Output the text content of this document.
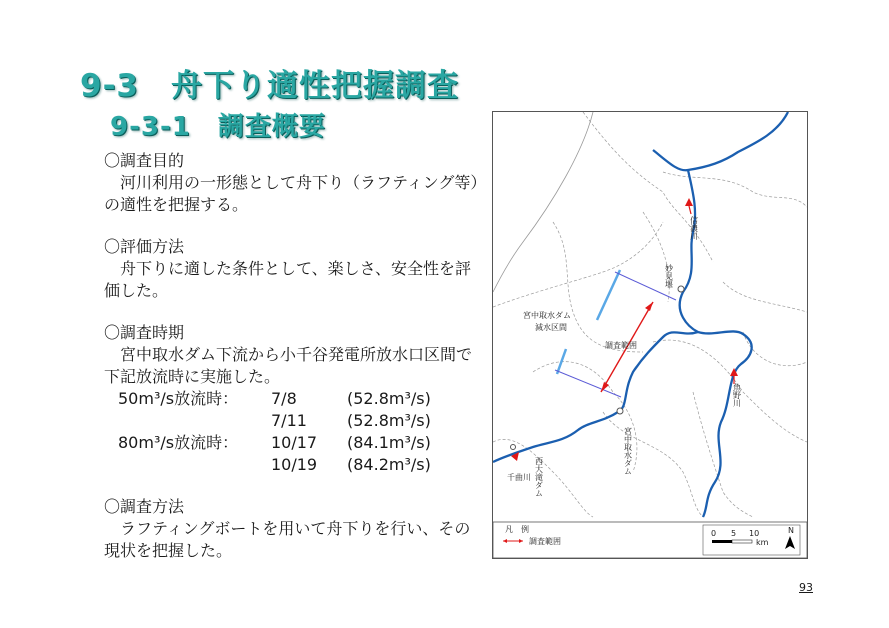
9-3　舟下り適性把握調査
9-3-1　調査概要

〇調査目的

　河川利用の一形態として舟下り（ラフティング等）の適性を把握する。

〇評価方法

　舟下りに適した条件として、楽しさ、安全性を評価した。

〇調査時期

　宮中取水ダム下流から小千谷発電所放水口区間で下記放流時に実施した。

50m³/s放流時：	7/8	(52.8m³/s)
7/11	(52.8m³/s)
80m³/s放流時：	10/17	(84.1m³/s)
10/19	(84.2m³/s)

〇調査方法

　ラフティングボートを用いて舟下りを行い、その現状を把握した。

信濃川
妙見堰
宮中取水ダム減水区間
調査範囲
宮中取水ダム
魚野川
西大滝ダム
千曲川
凡　例
調査範囲
0 5 10
km
N
93
